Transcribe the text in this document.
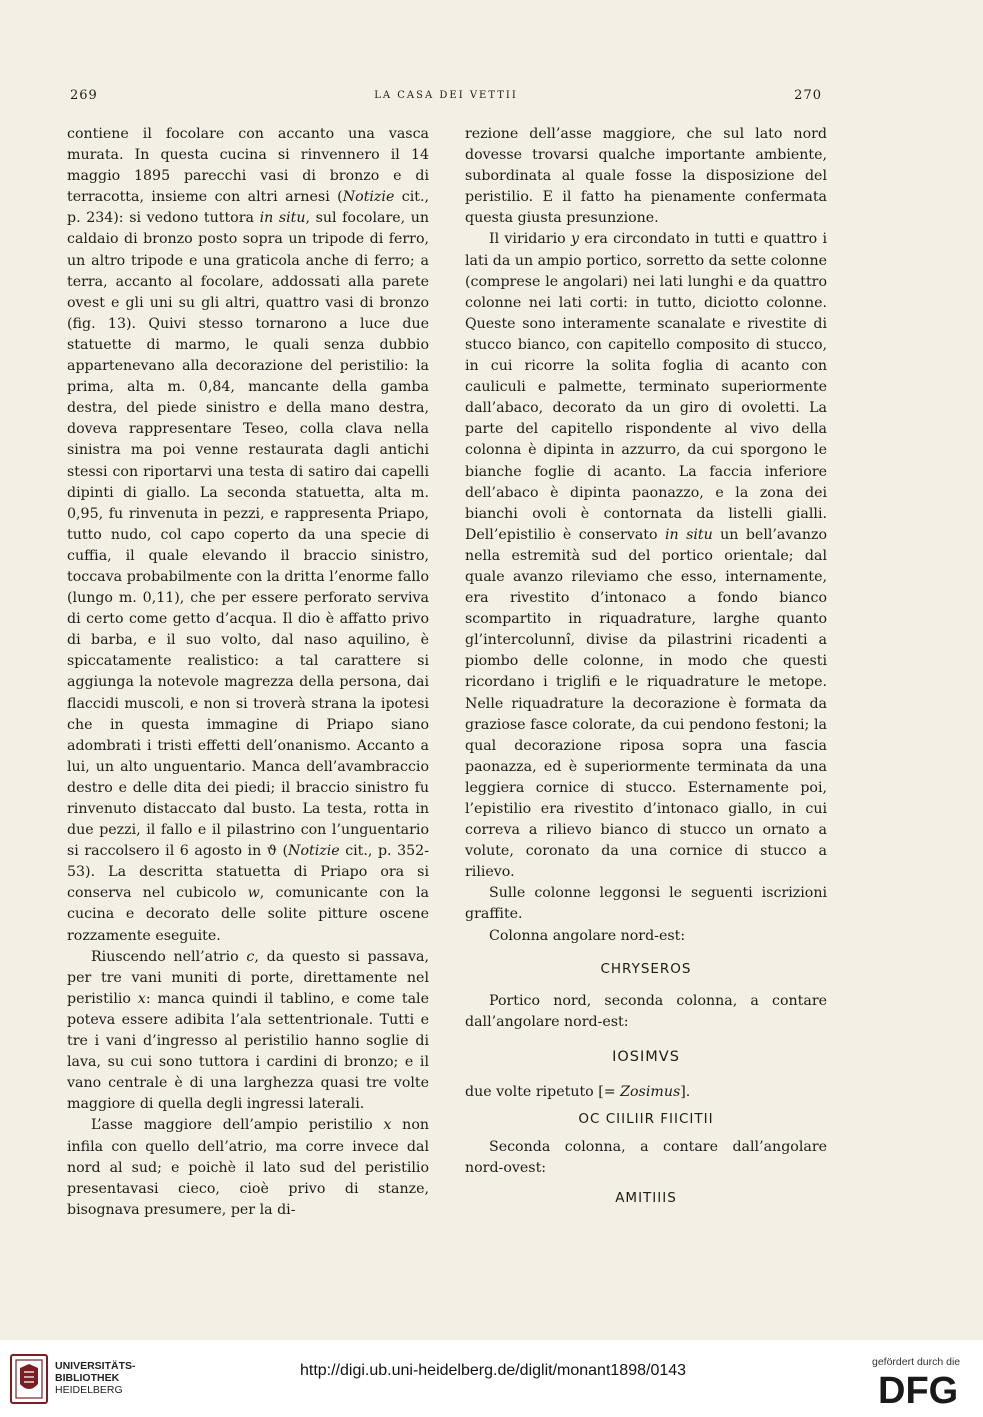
269	LA CASA DEI VETTII	270

contiene il focolare con accanto una vasca murata. In questa cucina si rinvennero il 14 maggio 1895 parecchi vasi di bronzo e di terracotta, insieme con altri arnesi (Notizie cit., p. 234): si vedono tuttora in situ, sul focolare, un caldaio di bronzo posto sopra un tripode di ferro, un altro tripode e una graticola anche di ferro; a terra, accanto al focolare, addossati alla parete ovest e gli uni su gli altri, quattro vasi di bronzo (fig. 13). Quivi stesso tornarono a luce due statuette di marmo, le quali senza dubbio appartenevano alla decorazione del peristilio: la prima, alta m. 0,84, mancante della gamba destra, del piede sinistro e della mano destra, doveva rappresentare Teseo, colla clava nella sinistra ma poi venne restaurata dagli antichi stessi con riportarvi una testa di satiro dai capelli dipinti di giallo. La seconda statuetta, alta m. 0,95, fu rinvenuta in pezzi, e rappresenta Priapo, tutto nudo, col capo coperto da una specie di cuffia, il quale elevando il braccio sinistro, toccava probabilmente con la dritta l’enorme fallo (lungo m. 0,11), che per essere perforato serviva di certo come getto d’acqua. Il dio è affatto privo di barba, e il suo volto, dal naso aquilino, è spiccatamente realistico: a tal carattere si aggiunga la notevole magrezza della persona, dai flaccidi muscoli, e non si troverà strana la ipotesi che in questa immagine di Priapo siano adombrati i tristi effetti dell’onanismo. Accanto a lui, un alto unguentario. Manca dell’avambraccio destro e delle dita dei piedi; il braccio sinistro fu rinvenuto distaccato dal busto. La testa, rotta in due pezzi, il fallo e il pilastrino con l’unguentario si raccolsero il 6 agosto in ϑ (Notizie cit., p. 352-53). La descritta statuetta di Priapo ora si conserva nel cubicolo w, comunicante con la cucina e decorato delle solite pitture oscene rozzamente eseguite.

Riuscendo nell’atrio c, da questo si passava, per tre vani muniti di porte, direttamente nel peristilio x: manca quindi il tablino, e come tale poteva essere adibita l’ala settentrionale. Tutti e tre i vani d’ingresso al peristilio hanno soglie di lava, su cui sono tuttora i cardini di bronzo; e il vano centrale è di una larghezza quasi tre volte maggiore di quella degli ingressi laterali.

L’asse maggiore dell’ampio peristilio x non infila con quello dell’atrio, ma corre invece dal nord al sud; e poichè il lato sud del peristilio presentavasi cieco, cioè privo di stanze, bisognava presumere, per la di-

rezione dell’asse maggiore, che sul lato nord dovesse trovarsi qualche importante ambiente, subordinata al quale fosse la disposizione del peristilio. E il fatto ha pienamente confermata questa giusta presunzione.

Il viridario y era circondato in tutti e quattro i lati da un ampio portico, sorretto da sette colonne (comprese le angolari) nei lati lunghi e da quattro colonne nei lati corti: in tutto, diciotto colonne. Queste sono interamente scanalate e rivestite di stucco bianco, con capitello composito di stucco, in cui ricorre la solita foglia di acanto con cauliculi e palmette, terminato superiormente dall’abaco, decorato da un giro di ovoletti. La parte del capitello rispondente al vivo della colonna è dipinta in azzurro, da cui sporgono le bianche foglie di acanto. La faccia inferiore dell’abaco è dipinta paonazzo, e la zona dei bianchi ovoli è contornata da listelli gialli. Dell’epistilio è conservato in situ un bell’avanzo nella estremità sud del portico orientale; dal quale avanzo rileviamo che esso, internamente, era rivestito d’intonaco a fondo bianco scompartito in riquadrature, larghe quanto gl’intercolunnî, divise da pilastrini ricadenti a piombo delle colonne, in modo che questi ricordano i triglifi e le riquadrature le metope. Nelle riquadrature la decorazione è formata da graziose fasce colorate, da cui pendono festoni; la qual decorazione riposa sopra una fascia paonazza, ed è superiormente terminata da una leggiera cornice di stucco. Esternamente poi, l’epistilio era rivestito d’intonaco giallo, in cui correva a rilievo bianco di stucco un ornato a volute, coronato da una cornice di stucco a rilievo.

Sulle colonne leggonsi le seguenti iscrizioni graffite.

Colonna angolare nord-est:

CHRYSEROS

Portico nord, seconda colonna, a contare dall’angolare nord-est:

IOSIMVS

due volte ripetuto [= Zosimus].

OC CIILIIR FIICITII

Seconda colonna, a contare dall’angolare nord-ovest:

AMITIIIS

UNIVERSITÄTS-
BIBLIOTHEK
HEIDELBERG
http://digi.ub.uni-heidelberg.de/diglit/monant1898/0143	gefördert durch die
DFG
